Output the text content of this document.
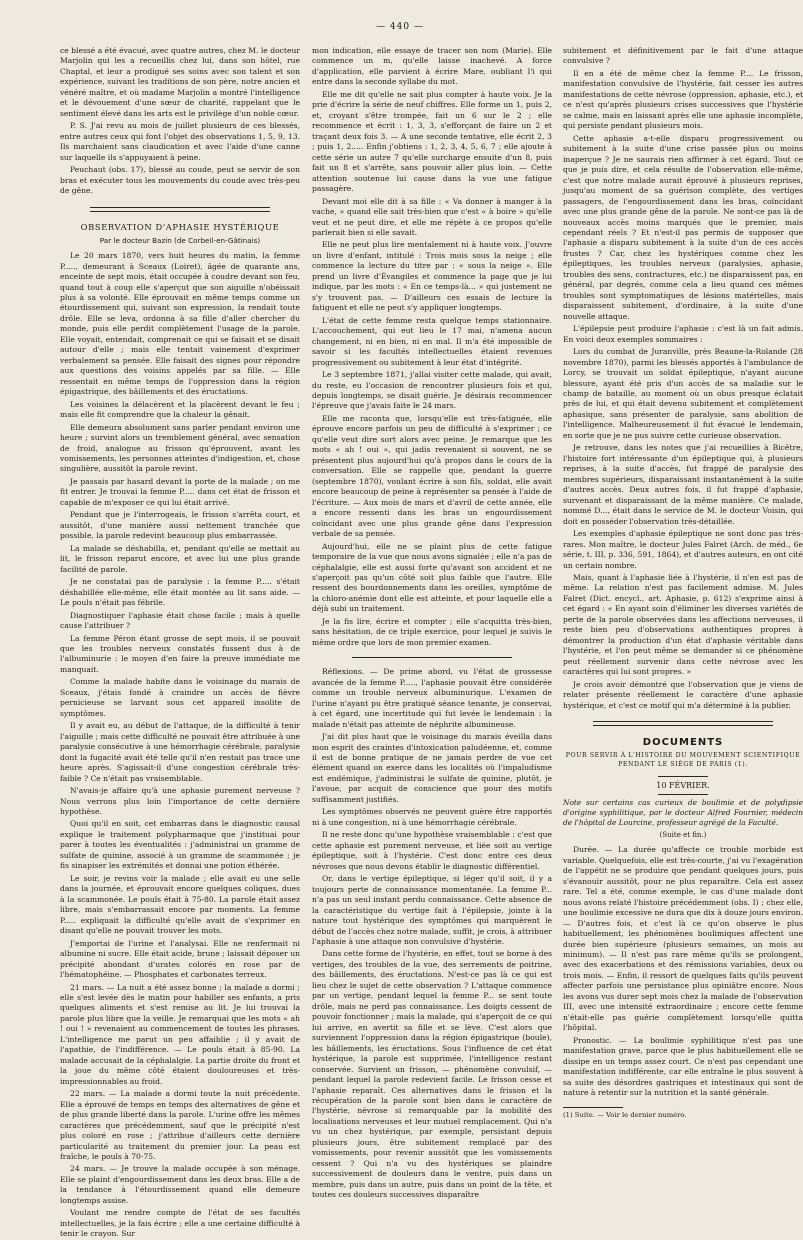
— 440 —

ce blessé a été évacué, avec quatre autres, chez M. le docteur Marjolin qui les a recueillis chez lui, dans son hôtel, rue Chaptal, et leur a prodigué ses soins avec son talent et son expérience, suivant les traditions de son père, notre ancien et vénéré maître, et où madame Marjolin a montré l'intelligence et le dévouement d'une sœur de charité, rappelant que le sentiment élevé dans les arts est le privilège d'un noble cœur.

P. S. J'ai revu au mois de juillet plusieurs de ces blessés, entre autres ceux qui font l'objet des observations 1, 5, 9, 13. Ils marchaient sans claudication et avec l'aide d'une canne sur laquelle ils s'appuyaient à peine.

Peuchaut (obs. 17), blessé au coude, peut se servir de son bras et exécuter tous les mouvements du coude avec très-peu de gêne.

OBSERVATION D'APHASIE HYSTÉRIQUE
Par le docteur Bazin (de Corbeil-en-Gâtinais)

Le 20 mars 1870, vers huit heures du matin, la femme P....., demeurant à Sceaux (Loiret), âgée de quarante ans, enceinte de sept mois, était occupée à coudre devant son feu, quand tout à coup elle s'aperçut que son aiguille n'obéissait plus à sa volonté. Elle éprouvait en même temps comme un étourdissement qui, suivant son expression, la rendait toute drôle. Elle se leva, ordonna à sa fille d'aller chercher du monde, puis elle perdit complètement l'usage de la parole. Elle voyait, entendait, comprenait ce qui se faisait et se disait autour d'elle ; mais elle tentait vainement d'exprimer verbalement sa pensée. Elle faisait des signes pour répondre aux questions des voisins appelés par sa fille. — Elle ressentait en même temps de l'oppression dans la région épigastrique, des bâillements et des éructations.

Les voisines la délacèrent et la placèrent devant le feu ; mais elle fit comprendre que la chaleur la gênait.

Elle demeura absolument sans parler pendant environ une heure ; survint alors un tremblement général, avec sensation de froid, analogue au frisson qu'éprouvent, avant les vomissements, les personnes atteintes d'indigestion, et, chose singulière, aussitôt la parole revint.

Je passais par hasard devant la porte de la malade ; on me fit entrer. Je trouvai la femme P..... dans cet état de frisson et capable de m'exposer ce qui lui était arrivé.

Pendant que je l'interrogeais, le frisson s'arrêta court, et aussitôt, d'une manière aussi nettement tranchée que possible, la parole redevint beaucoup plus embarrassée.

La malade se déshabilla, et, pendant qu'elle se mettait au lit, le frisson reparut encore, et avec lui une plus grande facilité de parole.

Je ne constatai pas de paralysie : la femme P..... s'était déshabillée elle-même, elle était montée au lit sans aide. — Le pouls n'était pas fébrile.

Diagnostiquer l'aphasie était chose facile ; mais à quelle cause l'attribuer ?

La femme Péron étant grosse de sept mois, il se pouvait que les troubles nerveux constatés fussent dus à de l'albuminurie : le moyen d'en faire la preuve immédiate me manquait.

Comme la malade habite dans le voisinage du marais de Sceaux, j'étais fondé à craindre un accès de fièvre pernicieuse se larvant sous cet appareil insolite de symptômes.

Il y avait eu, au début de l'attaque, de la difficulté à tenir l'aiguille ; mais cette difficulté ne pouvait être attribuée à une paralysie consécutive à une hémorrhagie cérébrale, paralysie dont la fugacité avait été telle qu'il n'en restait pas trace une heure après. S'agissait-il d'une congestion cérébrale très-faible ? Ce n'était pas vraisemblable.

N'avais-je affaire qu'à une aphasie purement nerveuse ? Nous verrons plus loin l'importance de cette dernière hypothèse.

Quoi qu'il en soit, cet embarras dans le diagnostic causal explique le traitement polypharmaque que j'instituai pour parer à toutes les éventualités : j'administrai un gramme de sulfate de quinine, associé à un gramme de scammonée ; je fis sinapiser les extrémités et donnai une potion éthérée.

Le soir, je revins voir la malade ; elle avait eu une selle dans la journée, et éprouvait encore quelques coliques, dues à la scammonée. Le pouls était à 75-80. La parole était assez libre, mais s'embarrassait encore par moments. La femme P..... expliquait la difficulté qu'elle avait de s'exprimer en disant qu'elle ne pouvait trouver les mots.

J'emportai de l'urine et l'analysai. Elle ne renfermait ni albumine ni sucre. Elle était acide, brune ; laissait déposer un précipité abondant d'urates colorés en rose par de l'hématophéine. — Phosphates et carbonates terreux.

21 mars. — La nuit a été assez bonne ; la malade a dormi ; elle s'est levée dès le matin pour habiller ses enfants, a pris quelques aliments et s'est remise au lit. Je lui trouvai la parole plus libre que la veille. Je remarquai que les mots « ah ! oui ! » revenaient au commencement de toutes les phrases. L'intelligence me parut un peu affaiblie ; il y avait de l'apathie, de l'indifférence. — Le pouls était à 85-90. La malade accusait de la céphalalgie. La partie droite du front et la joue du même côté étaient douloureuses et très-impressionnables au froid.

22 mars. — La malade a dormi toute la nuit précédente. Elle a éprouvé de temps en temps des alternatives de gêne et de plus grande liberté dans la parole. L'urine offre les mêmes caractères que précédemment, sauf que le précipité n'est plus coloré en rose ; j'attribue d'ailleurs cette dernière particularité au traitement du premier jour. La peau est fraîche, le pouls à 70-75.

24 mars. — Je trouve la malade occupée à son ménage. Elle se plaint d'engourdissement dans les deux bras. Elle a de la tendance à l'étourdissement quand elle demeure longtemps assise.

Voulant me rendre compte de l'état de ses facultés intellectuelles, je la fais écrire ; elle a une certaine difficulté à tenir le crayon. Sur

mon indication, elle essaye de tracer son nom (Marie). Elle commence un m, qu'elle laisse inachevé. A force d'application, elle parvient à écrire Mare, oubliant l'i qui entre dans la seconde syllabe du mot.

Elle me dit qu'elle ne sait plus compter à haute voix. Je la prie d'écrire la série de neuf chiffres. Elle forme un 1, puis 2, et, croyant s'être trompée, fait un 6 sur le 2 ; elle recommence et écrit : 1, 3, 3, s'efforçant de faire un 2 et traçant deux fois 3. — A une seconde tentative, elle écrit 2, 3 ; puis 1, 2..... Enfin j'obtiens : 1, 2, 3, 4, 5, 6, 7 ; elle ajoute à cette série un autre 7 qu'elle surcharge ensuite d'un 8, puis fait un 8 et s'arrête, sans pouvoir aller plus loin. — Cette attention soutenue lui cause dans la vue une fatigue passagère.

Devant moi elle dit à sa fille : « Va donner à manger à la vache, » quand elle sait très-bien que c'est « à boire » qu'elle veut et ne peut dire, et elle me répète à ce propos qu'elle parlerait bien si elle savait.

Elle ne peut plus lire mentalement ni à haute voix. J'ouvre un livre d'enfant, intitulé : Trois mois sous la neige ; elle commence la lecture du titre par : « sous la neige ». Elle prend un livre d'Évangiles et commence la page que je lui indique, par les mots : « En ce temps-là... » qui justement ne s'y trouvent pas. — D'ailleurs ces essais de lecture la fatiguent et elle ne peut s'y appliquer longtemps.

L'état de cette femme resta quelque temps stationnaire. L'accouchement, qui eut lieu le 17 mai, n'amena aucun changement, ni en bien, ni en mal. Il m'a été impossible de savoir si les facultés intellectuelles étaient revenues progressivement ou subitement à leur état d'intégrité.

Le 3 septembre 1871, j'allai visiter cette malade, qui avait, du reste, eu l'occasion de rencontrer plusieurs fois et qui, depuis longtemps, se disait guérie. Je désirais recommencer l'épreuve que j'avais faite le 24 mars.

Elle me raconta que, lorsqu'elle est très-fatiguée, elle éprouve encore parfois un peu de difficulté à s'exprimer ; ce qu'elle veut dire sort alors avec peine. Je remarque que les mots « ah ! oui », qui jadis revenaient si souvent, ne se présentent plus aujourd'hui qu'à propos dans le cours de la conversation. Elle se rappelle que, pendant la guerre (septembre 1870), voulant écrire à son fils, soldat, elle avait encore beaucoup de peine à représenter sa pensée à l'aide de l'écriture. — Aux mois de mars et d'avril de cette année, elle a encore ressenti dans les bras un engourdissement coïncidant avec une plus grande gêne dans l'expression verbale de sa pensée.

Aujourd'hui, elle ne se plaint plus de cette fatigue temporaire de la vue que nous avons signalée ; elle n'a pas de céphalalgie, elle est aussi forte qu'avant son accident et ne s'aperçoit pas qu'un côté soit plus faible que l'autre. Elle ressent des bourdonnements dans les oreilles, symptôme de la chloro-anémie dont elle est atteinte, et pour laquelle elle a déjà subi un traitement.

Je la fis lire, écrire et compter ; elle s'acquitta très-bien, sans hésitation, de ce triple exercice, pour lequel je suivis le même ordre que lors de mon premier examen.

Réflexions. — De prime abord, vu l'état de grossesse avancée de la femme P....., l'aphasie pouvait être considérée comme un trouble nerveux albuminurique. L'examen de l'urine n'ayant pu être pratiqué séance tenante, je conservai, à cet égard, une incertitude qui fut levée le lendemain : la malade n'était pas atteinte de néphrite albumineuse.

J'ai dit plus haut que le voisinage du marais éveilla dans mon esprit des craintes d'intoxication paludéenne, et, comme il est de bonne pratique de ne jamais perdre de vue cet élément quand on exerce dans les localités où l'impaludisme est endémique, j'administrai le sulfate de quinine, plutôt, je l'avoue, par acquit de conscience que pour des motifs suffisamment justifiés.

Les symptômes observés ne peuvent guère être rapportés ni à une congestion, ni à une hémorrhagie cérébrale.

Il ne reste donc qu'une hypothèse vraisemblable : c'est que cette aphasie est purement nerveuse, et liée soit au vertige épileptique, soit à l'hystérie. C'est donc entre ces deux névroses que nous devons établir le diagnostic différentiel.

Or, dans le vertige épileptique, si léger qu'il soit, il y a toujours perte de connaissance momentanée. La femme P... n'a pas un seul instant perdu connaissance. Cette absence de la caractéristique du vertige fait à l'épilepsie, jointe à la nature tout hystérique des symptômes qui marquèrent le début de l'accès chez notre malade, suffit, je crois, à attribuer l'aphasie à une attaque non convulsive d'hystérie.

Dans cette forme de l'hystérie, en effet, tout se borne à des vertiges, des troubles de la vue, des serrements de poitrine, des bâillements, des éructations. N'est-ce pas là ce qui est lieu chez le sujet de cette observation ? L'attaque commence par un vertige, pendant lequel la femme P... se sent toute drôle, mais ne perd pas connaissance. Les doigts cessent de pouvoir fonctionner ; mais la malade, qui s'aperçoit de ce qui lui arrive, en avertit sa fille et se lève. C'est alors que surviennent l'oppression dans la région épigastrique (boule), les bâillements, les éructations. Sous l'influence de cet état hystérique, la parole est supprimée, l'intelligence restant conservée. Survient un frisson, — phénomène convulsif, — pendant lequel la parole redevient facile. Le frisson cesse et l'aphasie reparaît. Ces alternatives dans le frisson et la récupération de la parole sont bien dans le caractère de l'hystérie, névrose si remarquable par la mobilité des localisations nerveuses et leur mutuel remplacement. Qui n'a vu un chez hystérique, par exemple, persistant depuis plusieurs jours, être subitement remplacé par des vomissements, pour revenir aussitôt que les vomissements cessent ? Qui n'a vu des hystériques se plaindre successivement de douleurs dans le ventre, puis dans un membre, puis dans un autre, puis dans un point de la tête, et toutes ces douleurs successives disparaître

subitement et définitivement par le fait d'une attaque convulsive ?

Il en a été de même chez la femme P.... Le frisson, manifestation convulsive de l'hystérie, fait cesser les autres manifestations de cette névrose (oppression, aphasie, etc.), et ce n'est qu'après plusieurs crises successives que l'hystérie se calme, mais en laissant après elle une aphasie incomplète, qui persiste pendant plusieurs mois.

Cette aphasie a-t-elle disparu progressivement ou subitement à la suite d'une crise passée plus ou moins inaperçue ? Je ne saurais rien affirmer à cet égard. Tout ce que je puis dire, et cela résulte de l'observation elle-même, c'est que notre malade aurait éprouvé à plusieurs reprises, jusqu'au moment de sa guérison complète, des vertiges passagers, de l'engourdissement dans les bras, coïncidant avec une plus grande gêne de la parole. Ne sont-ce pas là de nouveaux accès moins marqués que le premier, mais cependant réels ? Et n'est-il pas permis de supposer que l'aphasie a disparu subitement à la suite d'un de ces accès frustes ? Car, chez les hystériques comme chez les épileptiques, les troubles nerveux (paralysies, aphasie, troubles des sens, contractures, etc.) ne disparaissent pas, en général, par degrés, comme cela a lieu quand ces mêmes troubles sont symptomatiques de lésions matérielles, mais disparaissent subitement, d'ordinaire, à la suite d'une nouvelle attaque.

L'épilepsie peut produire l'aphasie : c'est là un fait admis. En voici deux exemples sommaires :

Lors du combat de Juranville, près Beaune-la-Rolande (28 novembre 1870), parmi les blessés apportés à l'ambulance de Lorcy, se trouvait un soldat épileptique, n'ayant aucune blessure, ayant été pris d'un accès de sa maladie sur le champ de bataille, au moment où un obus presque éclatait près de lui, et qui était devenu subitement et complètement aphasique, sans présenter de paralysie, sans abolition de l'intelligence. Malheureusement il fut évacué le lendemain, en sorte que je ne pus suivre cette curieuse observation.

Je retrouve, dans les notes que j'ai recueillies à Bicêtre, l'histoire fort intéressante d'un épileptique qui, à plusieurs reprises, à la suite d'accès, fut frappé de paralysie des membres supérieurs, disparaissant instantanément à la suite d'autres accès. Deux autres fois, il fut frappé d'aphasie, survenant et disparaissant de la même manière. Ce malade, nommé D..., était dans le service de M. le docteur Voisin, qui doit en posséder l'observation très-détaillée.

Les exemples d'aphasie épileptique ne sont donc pas très-rares. Mon maître, le docteur Jules Falret (Arch. de méd., 6e série, t. III, p. 336, 591, 1864), et d'autres auteurs, en ont cité un certain nombre.

Mais, quant à l'aphasie liée à l'hystérie, il n'en est pas de même. La relation n'est pas facilement admise. M. Jules Falret (Dict. encycl., art. Aphasie, p. 612) s'exprime ainsi à cet égard : « En ayant soin d'éliminer les diverses variétés de perte de la parole observées dans les affections nerveuses, il reste bien peu d'observations authentiques propres à démontrer la production d'un état d'aphasie véritable dans l'hystérie, et l'on peut même se demander si ce phénomène peut réellement survenir dans cette névrose avec les caractères qui lui sont propres. »

Je crois avoir démontré que l'observation que je viens de relater présente réellement le caractère d'une aphasie hystérique, et c'est ce motif qui m'a déterminé à la publier.

DOCUMENTS
POUR SERVIR À L'HISTOIRE DU MOUVEMENT SCIENTIFIQUE
PENDANT LE SIÈGE DE PARIS (1).
10 FÉVRIER.

Note sur certains cas curieux de boulimie et de polydipsie d'origine syphilitique, par le docteur Alfred Fournier, médecin de l'hôpital de Lourcine, professeur agrégé de la Faculté.

(Suite et fin.)

Durée. — La durée qu'affecte ce trouble morbide est variable. Quelquefois, elle est très-courte, j'ai vu l'exagération de l'appétit ne se produire que pendant quelques jours, puis s'évanouir aussitôt, pour ne plus reparaître. Cela est assez rare. Tel a été, comme exemple, le cas d'une malade dont nous avons relaté l'histoire précédemment (obs. I) ; chez elle, une boulimie excessive ne dura que dix à douze jours environ. — D'autres fois, et c'est là ce qu'on observe le plus habituellement, les phénomènes boulimiques affectent une durée bien supérieure (plusieurs semaines, un mois au minimum). — Il n'est pas rare même qu'ils se prolongent, avec des exacerbations et des rémissions variables, deux ou trois mois. — Enfin, il ressort de quelques faits qu'ils peuvent affecter parfois une persistance plus opiniâtre encore. Nous les avons vus durer sept mois chez la malade de l'observation III, avec une intensité extraordinaire ; encore cette femme n'était-elle pas guérie complètement lorsqu'elle quitta l'hôpital.

Pronostic. — La boulimie syphilitique n'est pas une manifestation grave, parce que le plus habituellement elle se dissipe en un temps assez court. Ce n'est pas cependant une manifestation indifférente, car elle entraîne le plus souvent à sa suite des désordres gastriques et intestinaux qui sont de nature à retentir sur la nutrition et la santé générale.

(1) Suite. — Voir le dernier numéro.
